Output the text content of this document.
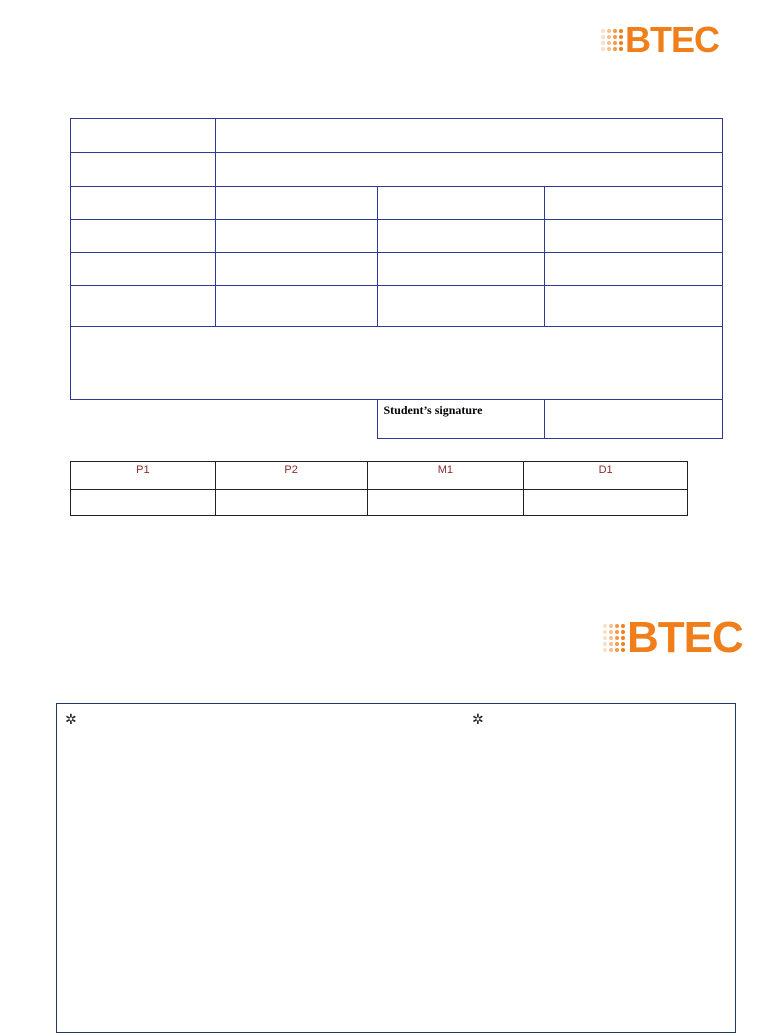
BTEC

		Student’s signature	
P1	P2	M1	D1

BTEC
✲	✲
